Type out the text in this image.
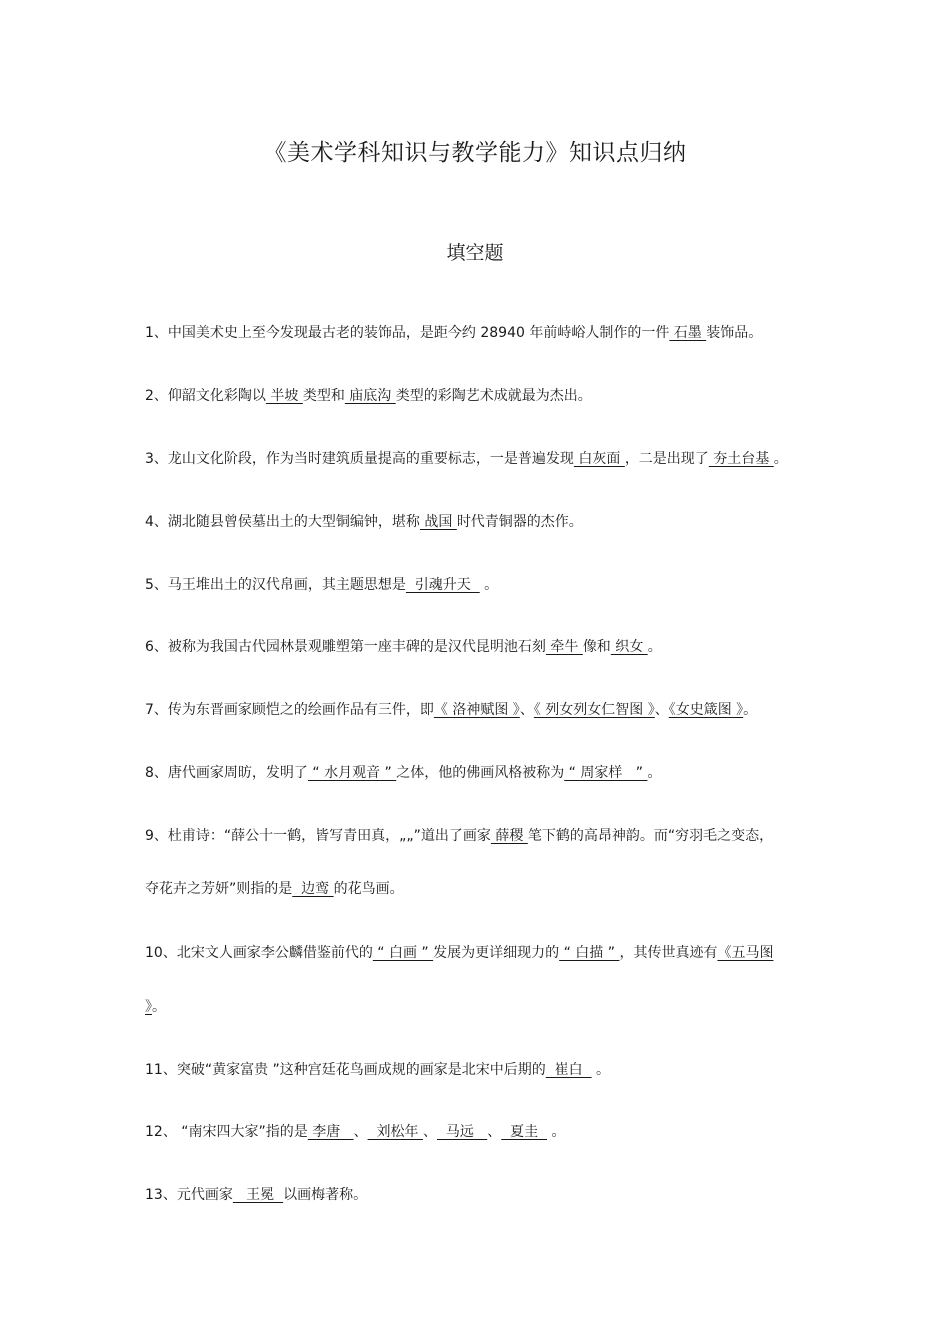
《美术学科知识与教学能力》知识点归纳
填空题
1、中国美术史上至今发现最古老的装饰品，是距今约 28940 年前峙峪人制作的一件 石墨 装饰品。
2、仰韶文化彩陶以 半坡 类型和 庙底沟 类型的彩陶艺术成就最为杰出。
3、龙山文化阶段，作为当时建筑质量提高的重要标志，一是普遍发现 白灰面 ，二是出现了 夯土台基 。
4、湖北随县曾侯墓出土的大型铜编钟，堪称 战国 时代青铜器的杰作。
5、马王堆出土的汉代帛画，其主题思想是  引魂升天   。
6、被称为我国古代园林景观雕塑第一座丰碑的是汉代昆明池石刻 牵牛 像和 织女 。
7、传为东晋画家顾恺之的绘画作品有三件，即《 洛神赋图 》、《 列女列女仁智图 》、《女史箴图 》。
8、唐代画家周昉，发明了 “ 水月观音 ” 之体，他的佛画风格被称为 “ 周家样   ” 。
9、杜甫诗：“薛公十一鹤，皆写青田真，„„”道出了画家 薛稷 笔下鹤的高昂神韵。而“穷羽毛之变态，
夺花卉之芳妍”则指的是  边鸾 的花鸟画。
10、北宋文人画家李公麟借鉴前代的 “ 白画 ” 发展为更详细现力的 “ 白描 ” ，其传世真迹有《五马图
》。
11、突破“黄家富贵 ”这种宫廷花鸟画成规的画家是北宋中后期的  崔白   。
12、 “南宋四大家”指的是 李唐   、  刘松年 、  马远   、  夏圭   。
13、元代画家   王冕  以画梅著称。
